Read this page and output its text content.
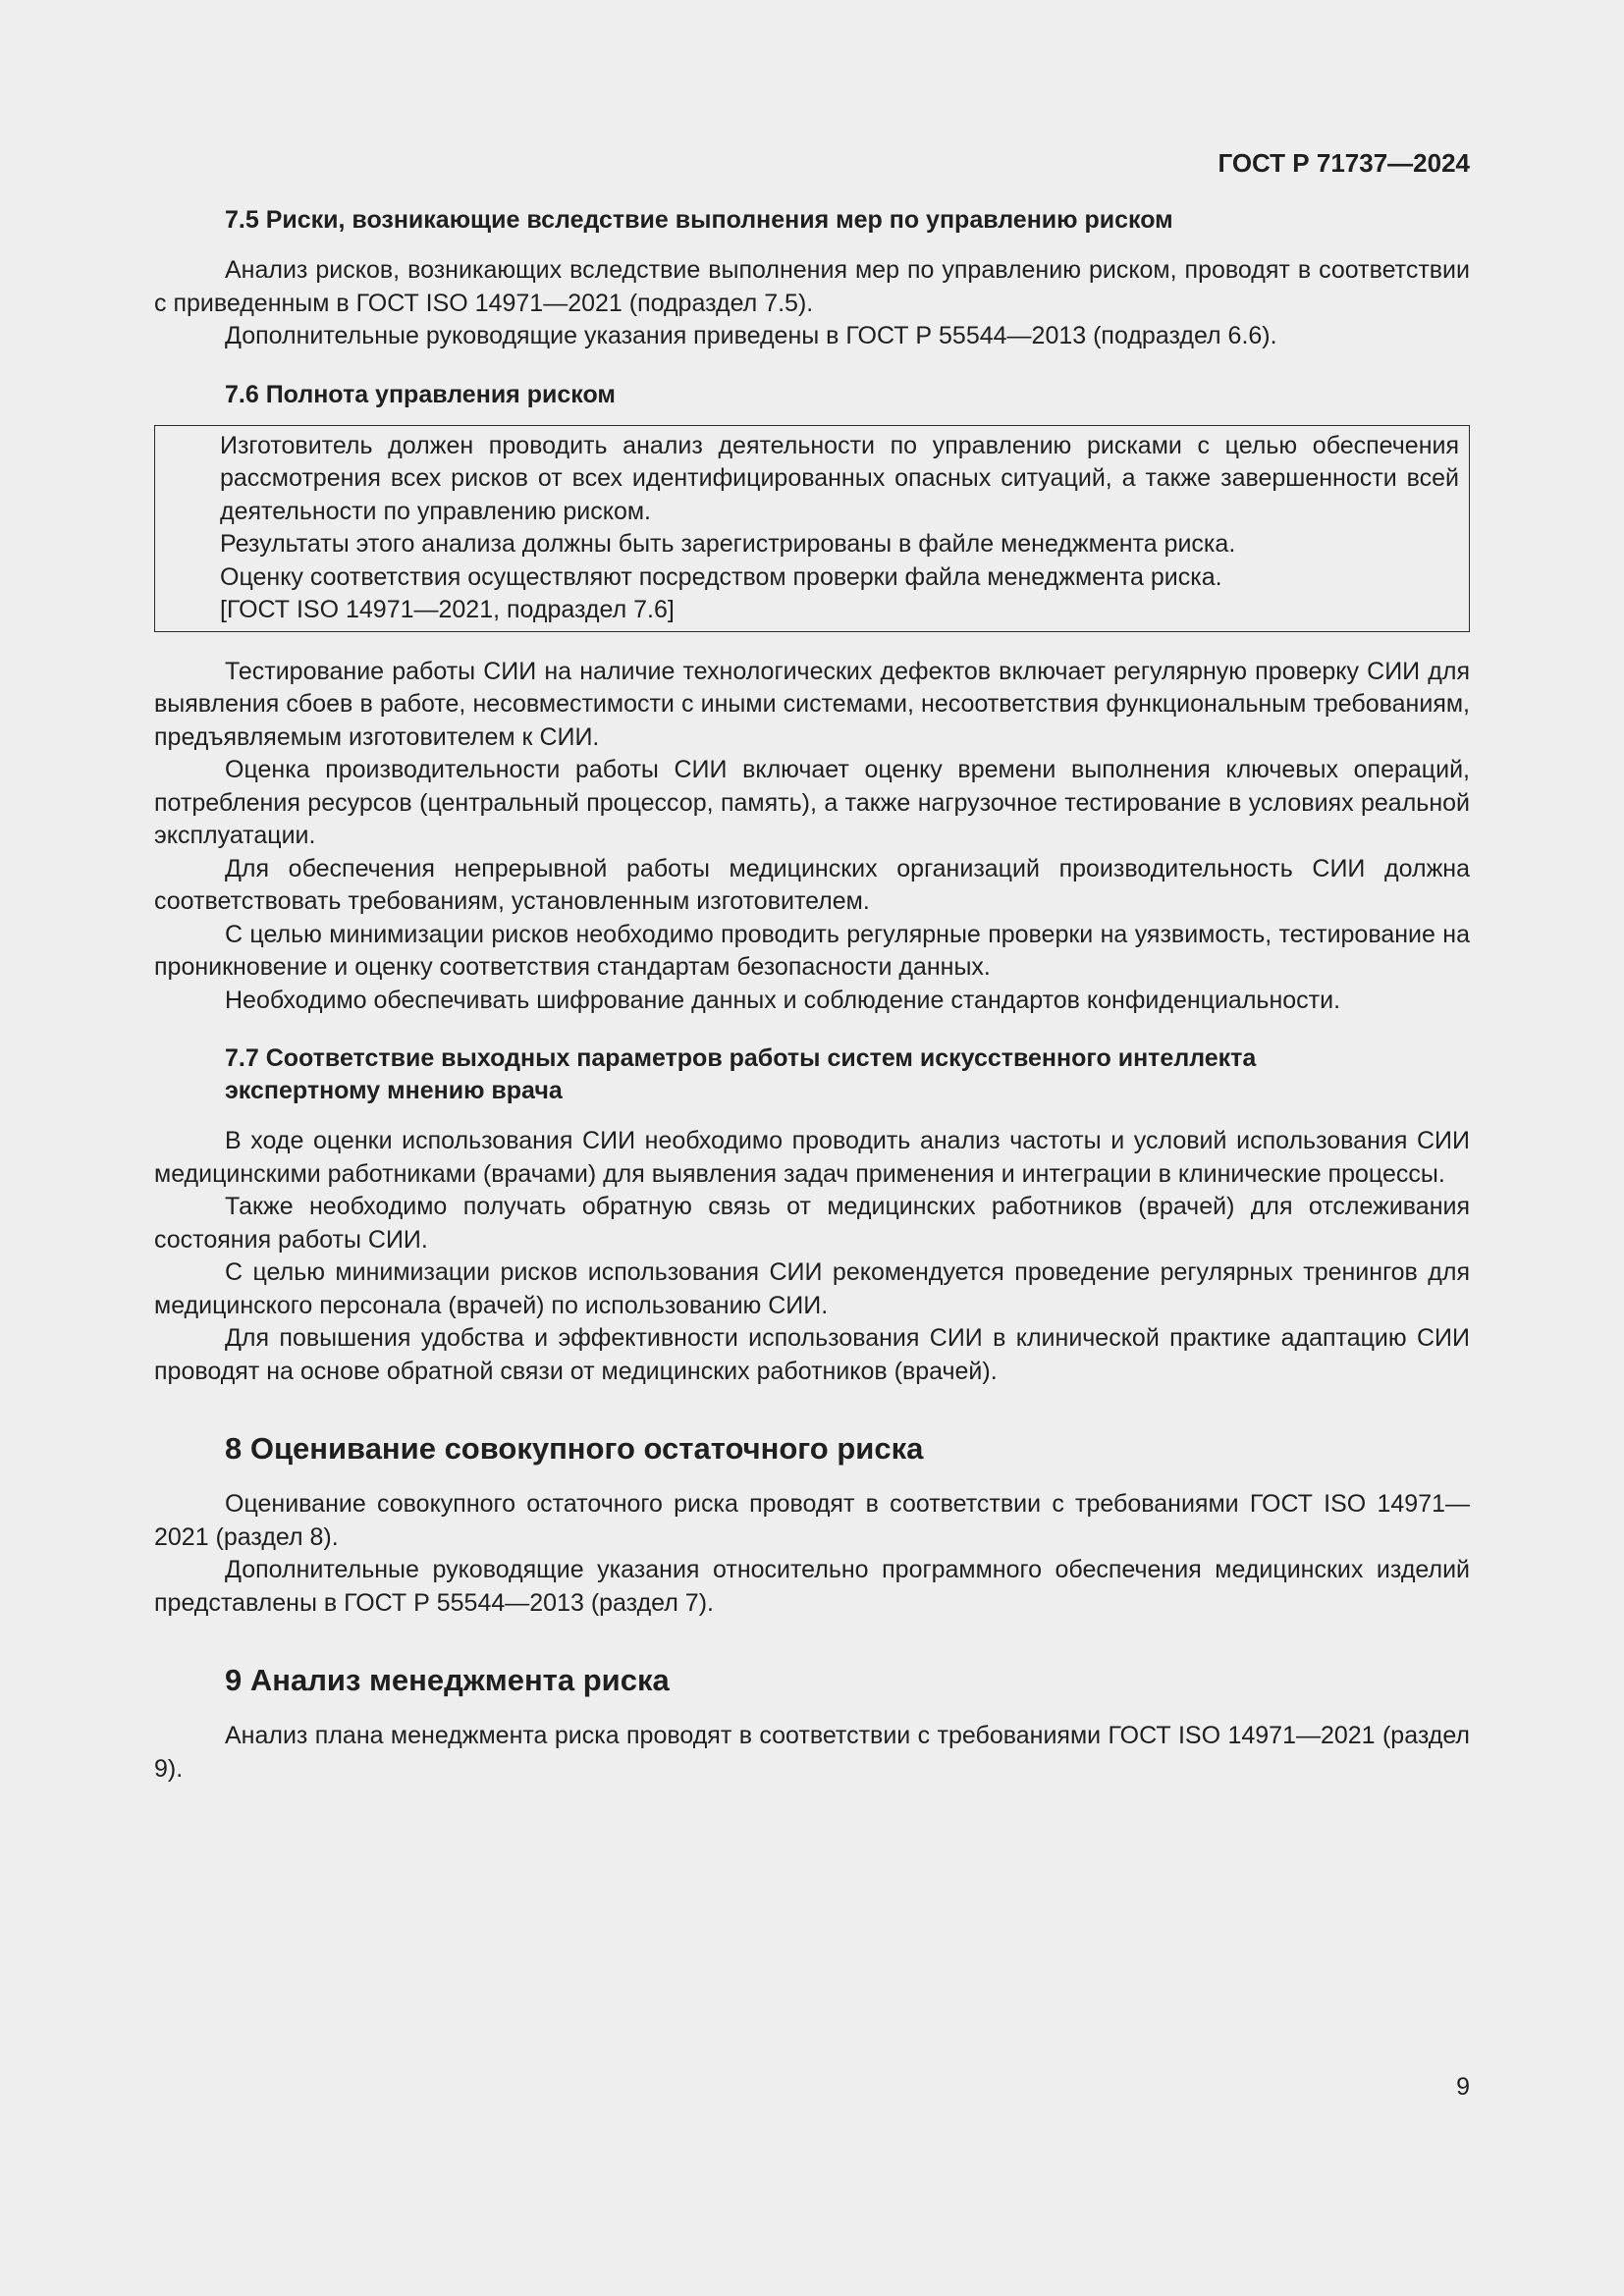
ГОСТ Р 71737—2024
7.5 Риски, возникающие вследствие выполнения мер по управлению риском

Анализ рисков, возникающих вследствие выполнения мер по управлению риском, проводят в соответствии с приведенным в ГОСТ ISO 14971—2021 (подраздел 7.5).

Дополнительные руководящие указания приведены в ГОСТ Р 55544—2013 (подраздел 6.6).

7.6 Полнота управления риском

Изготовитель должен проводить анализ деятельности по управлению рисками с целью обеспечения рассмотрения всех рисков от всех идентифицированных опасных ситуаций, а также завершенности всей деятельности по управлению риском.

Результаты этого анализа должны быть зарегистрированы в файле менеджмента риска.

Оценку соответствия осуществляют посредством проверки файла менеджмента риска.

[ГОСТ ISO 14971—2021, подраздел 7.6]

Тестирование работы СИИ на наличие технологических дефектов включает регулярную проверку СИИ для выявления сбоев в работе, несовместимости с иными системами, несоответствия функциональным требованиям, предъявляемым изготовителем к СИИ.

Оценка производительности работы СИИ включает оценку времени выполнения ключевых операций, потребления ресурсов (центральный процессор, память), а также нагрузочное тестирование в условиях реальной эксплуатации.

Для обеспечения непрерывной работы медицинских организаций производительность СИИ должна соответствовать требованиям, установленным изготовителем.

С целью минимизации рисков необходимо проводить регулярные проверки на уязвимость, тестирование на проникновение и оценку соответствия стандартам безопасности данных.

Необходимо обеспечивать шифрование данных и соблюдение стандартов конфиденциальности.

7.7 Соответствие выходных параметров работы систем искусственного интеллекта
экспертному мнению врача

В ходе оценки использования СИИ необходимо проводить анализ частоты и условий использования СИИ медицинскими работниками (врачами) для выявления задач применения и интеграции в клинические процессы.

Также необходимо получать обратную связь от медицинских работников (врачей) для отслеживания состояния работы СИИ.

С целью минимизации рисков использования СИИ рекомендуется проведение регулярных тренингов для медицинского персонала (врачей) по использованию СИИ.

Для повышения удобства и эффективности использования СИИ в клинической практике адаптацию СИИ проводят на основе обратной связи от медицинских работников (врачей).

8 Оценивание совокупного остаточного риска

Оценивание совокупного остаточного риска проводят в соответствии с требованиями ГОСТ ISO 14971—2021 (раздел 8).

Дополнительные руководящие указания относительно программного обеспечения медицинских изделий представлены в ГОСТ Р 55544—2013 (раздел 7).

9 Анализ менеджмента риска

Анализ плана менеджмента риска проводят в соответствии с требованиями ГОСТ ISO 14971—2021 (раздел 9).

9
